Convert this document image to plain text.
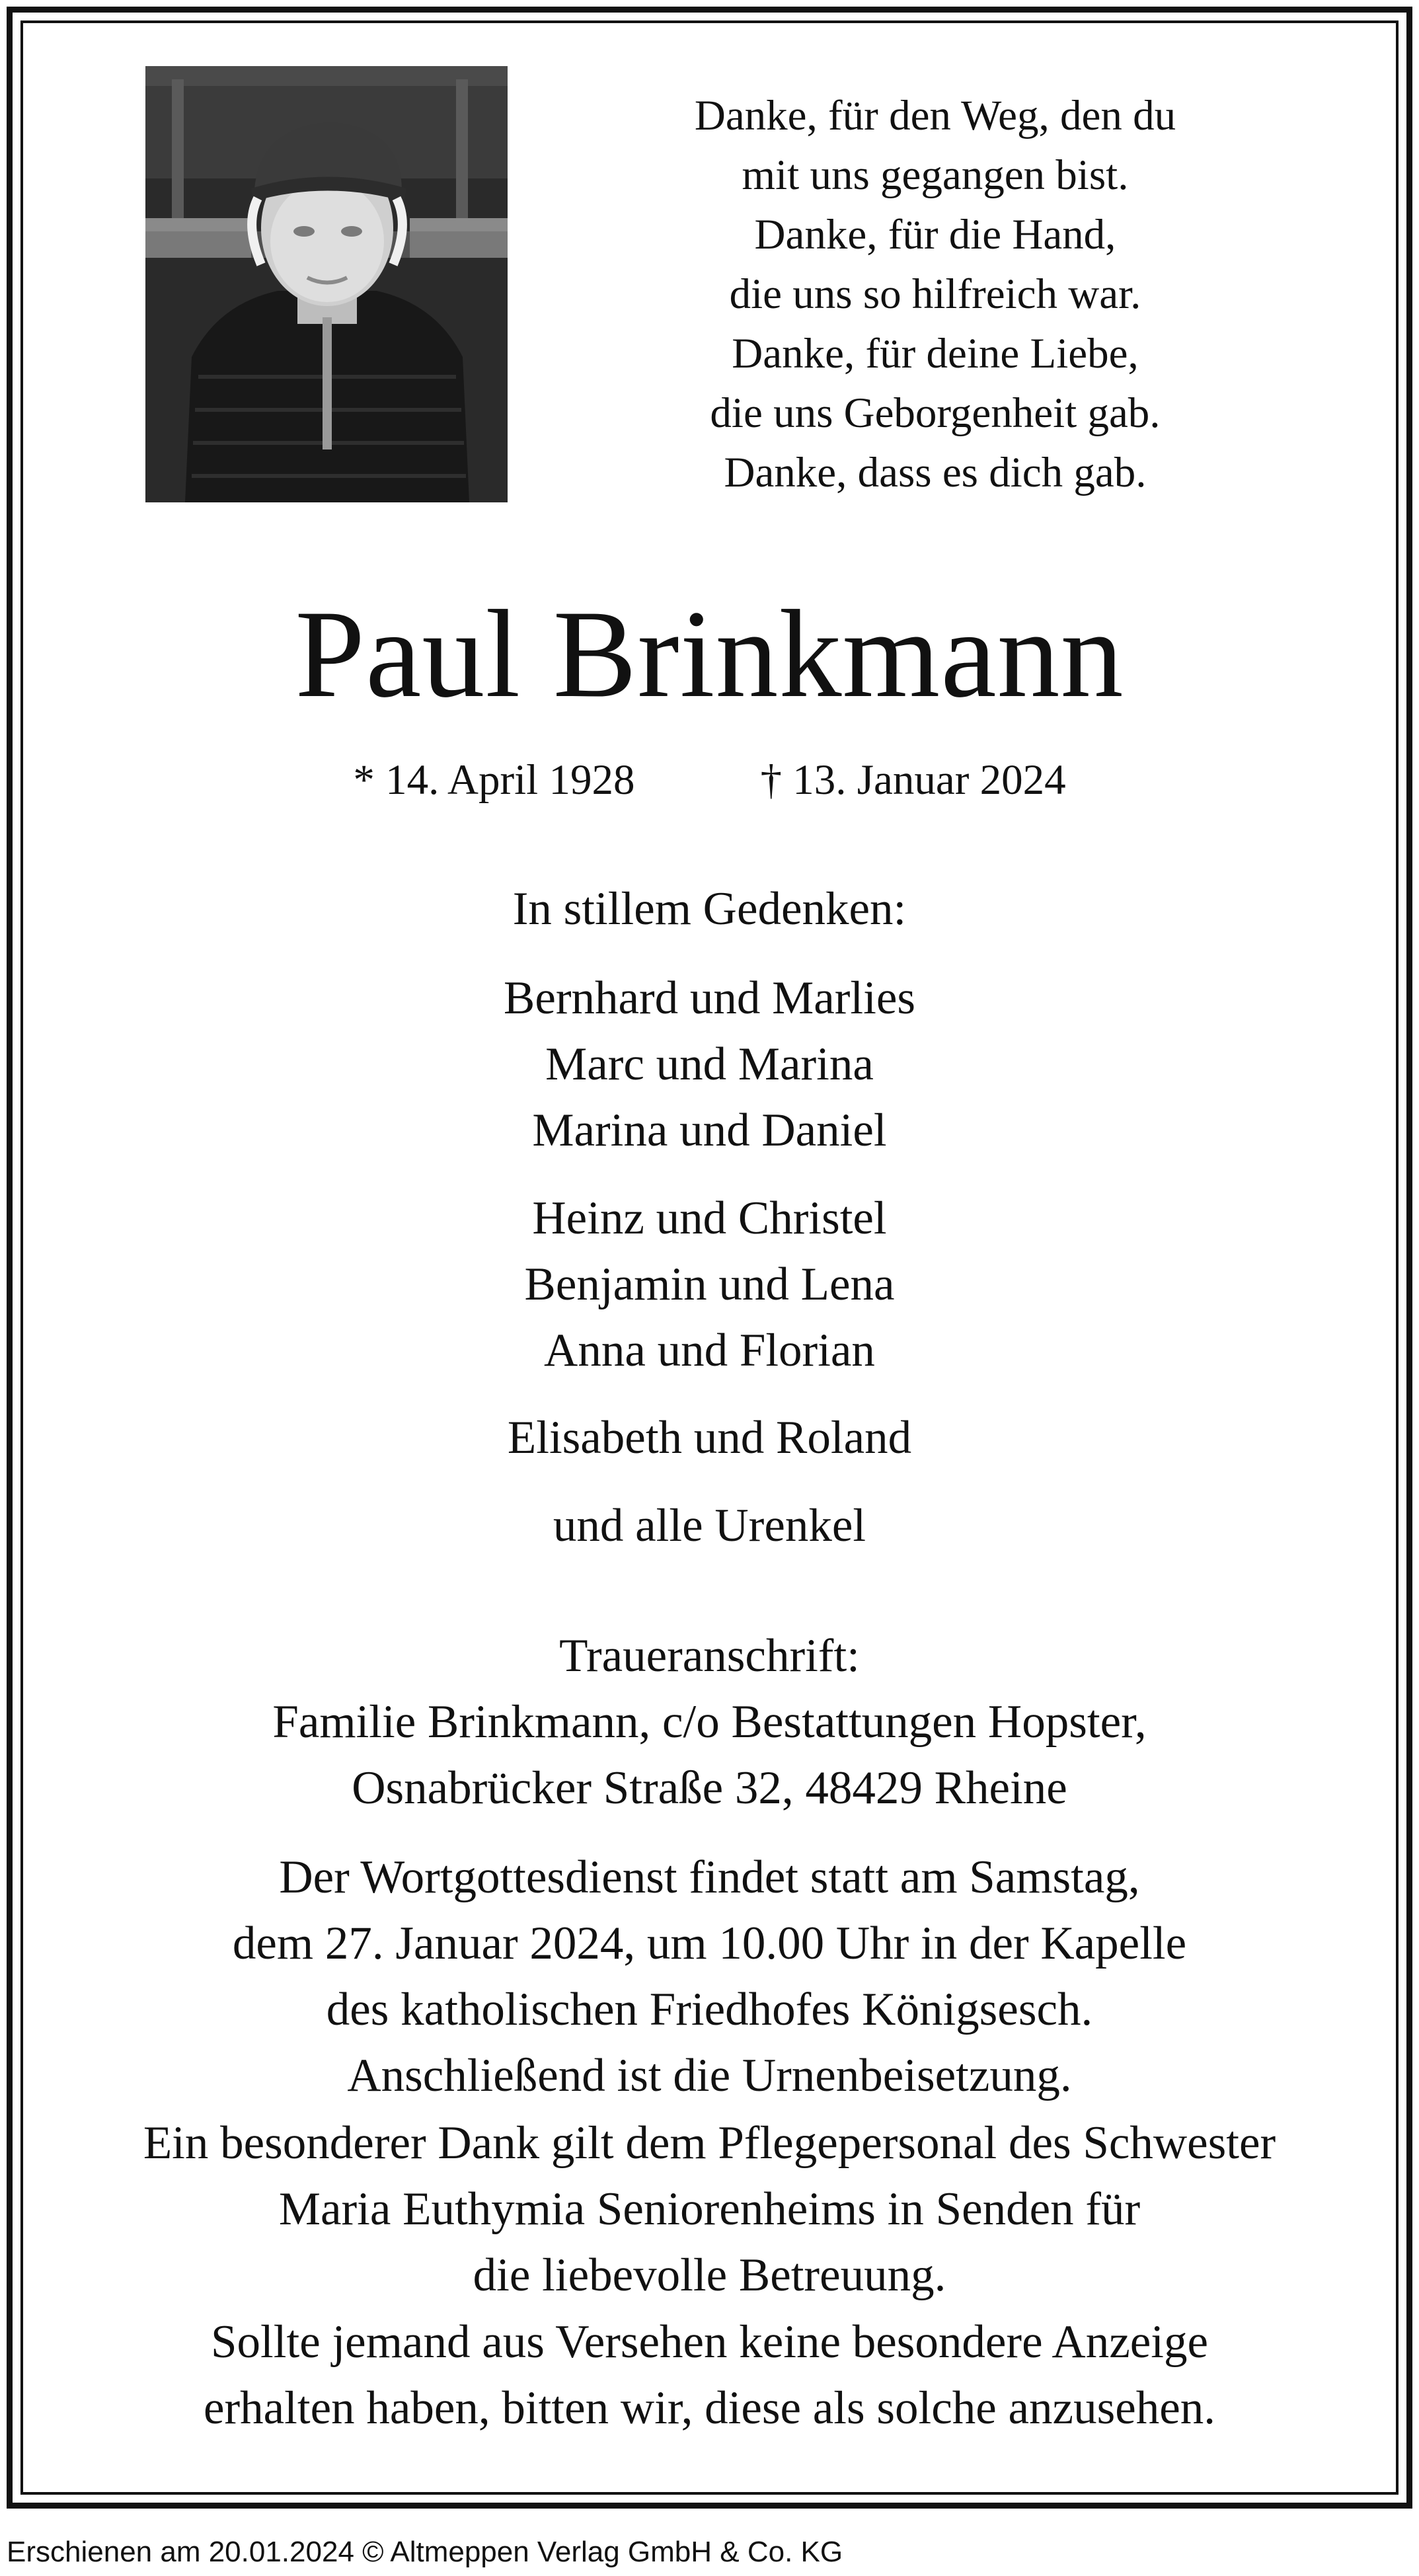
Danke, für den Weg, den du
mit uns gegangen bist.
Danke, für die Hand,
die uns so hilfreich war.
Danke, für deine Liebe,
die uns Geborgenheit gab.
Danke, dass es dich gab.
Paul Brinkmann
* 14. April 1928	† 13. Januar 2024
In stillem Gedenken:
Bernhard und Marlies
Marc und Marina
Marina und Daniel
Heinz und Christel
Benjamin und Lena
Anna und Florian
Elisabeth und Roland
und alle Urenkel
Traueranschrift:
Familie Brinkmann, c/o Bestattungen Hopster,
Osnabrücker Straße 32, 48429 Rheine
Der Wortgottesdienst findet statt am Samstag,
dem 27. Januar 2024, um 10.00 Uhr in der Kapelle
des katholischen Friedhofes Königsesch.
Anschließend ist die Urnenbeisetzung.
Ein besonderer Dank gilt dem Pflegepersonal des Schwester
Maria Euthymia Seniorenheims in Senden für
die liebevolle Betreuung.
Sollte jemand aus Versehen keine besondere Anzeige
erhalten haben, bitten wir, diese als solche anzusehen.
Erschienen am 20.01.2024 © Altmeppen Verlag GmbH & Co. KG
